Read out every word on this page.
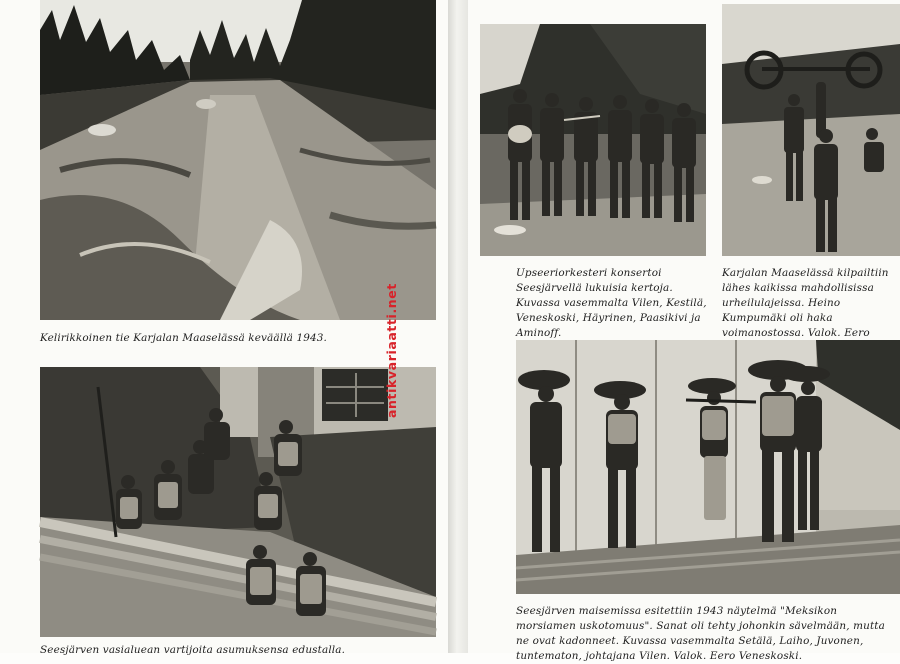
Kelirikkoinen tie Karjalan Maaselässä keväällä 1943.

Seesjärven vasialuean vartijoita asumuksensa edustalla.

antikvariaatti.net

Upseeriorkesteri konsertoi Seesjärvellä lukuisia kertoja. Kuvassa vasemmalta Vilen, Kestilä, Veneskoski, Häyrinen, Paasikivi ja Aminoff.

Karjalan Maaselässä kilpailtiin lähes kaikissa mahdollisissa urheilulajeissa. Heino Kumpumäki oli haka voimanostossa. Valok. Eero

Seesjärven maisemissa esitettiin 1943 näytelmä "Meksikon morsiamen uskotomuus". Sanat oli tehty johonkin sävelmään, mutta ne ovat kadonneet. Kuvassa vasemmalta Setälä, Laiho, Juvonen, tuntematon, johtajana Vilen. Valok. Eero Veneskoski.
